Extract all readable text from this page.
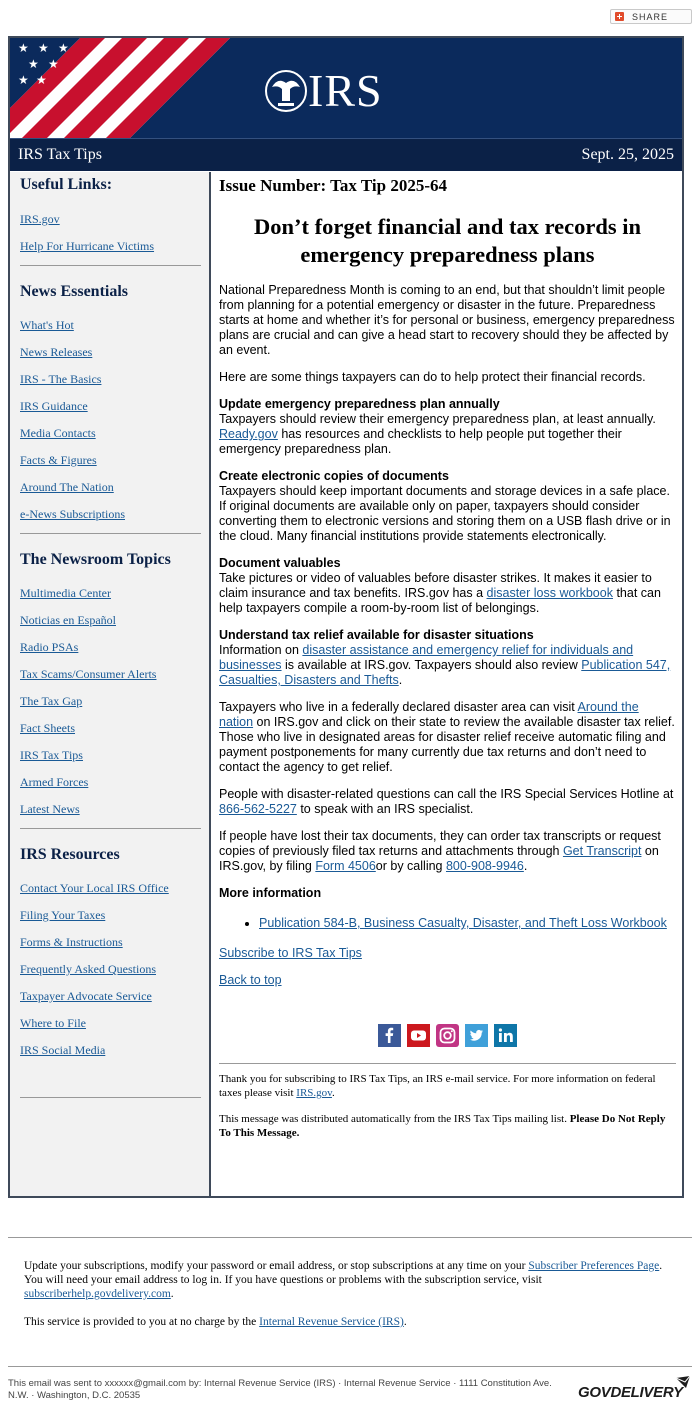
SHARE
★ ★ ★
★ ★
★ ★	IRS
IRS Tax Tips	Sept. 25, 2025
Useful Links:
IRS.gov
Help For Hurricane Victims
News Essentials
What's Hot
News Releases
IRS - The Basics
IRS Guidance
Media Contacts
Facts & Figures
Around The Nation
e-News Subscriptions
The Newsroom Topics
Multimedia Center
Noticias en Español
Radio PSAs
Tax Scams/Consumer Alerts
The Tax Gap
Fact Sheets
IRS Tax Tips
Armed Forces
Latest News
IRS Resources
Contact Your Local IRS Office
Filing Your Taxes
Forms & Instructions
Frequently Asked Questions
Taxpayer Advocate Service
Where to File
IRS Social Media

Issue Number: Tax Tip 2025-64

Don’t forget financial and tax records in emergency preparedness plans

National Preparedness Month is coming to an end, but that shouldn’t limit people from planning for a potential emergency or disaster in the future. Preparedness starts at home and whether it’s for personal or business, emergency preparedness plans are crucial and can give a head start to recovery should they be affected by an event.

Here are some things taxpayers can do to help protect their financial records.

Update emergency preparedness plan annually
Taxpayers should review their emergency preparedness plan, at least annually. Ready.gov has resources and checklists to help people put together their emergency preparedness plan.

Create electronic copies of documents
Taxpayers should keep important documents and storage devices in a safe place. If original documents are available only on paper, taxpayers should consider converting them to electronic versions and storing them on a USB flash drive or in the cloud. Many financial institutions provide statements electronically.

Document valuables
Take pictures or video of valuables before disaster strikes. It makes it easier to claim insurance and tax benefits. IRS.gov has a disaster loss workbook that can help taxpayers compile a room-by-room list of belongings.

Understand tax relief available for disaster situations
Information on disaster assistance and emergency relief for individuals and businesses is available at IRS.gov. Taxpayers should also review Publication 547, Casualties, Disasters and Thefts.

Taxpayers who live in a federally declared disaster area can visit Around the nation on IRS.gov and click on their state to review the available disaster tax relief. Those who live in designated areas for disaster relief receive automatic filing and payment postponements for many currently due tax returns and don’t need to contact the agency to get relief.

People with disaster-related questions can call the IRS Special Services Hotline at 866-562-5227 to speak with an IRS specialist.

If people have lost their tax documents, they can order tax transcripts or request copies of previously filed tax returns and attachments through Get Transcript on IRS.gov, by filing Form 4506or by calling 800-908-9946.

More information

• Publication 584-B, Business Casualty, Disaster, and Theft Loss Workbook

Subscribe to IRS Tax Tips

Back to top

Thank you for subscribing to IRS Tax Tips, an IRS e-mail service. For more information on federal taxes please visit IRS.gov.

This message was distributed automatically from the IRS Tax Tips mailing list. Please Do Not Reply To This Message.

Update your subscriptions, modify your password or email address, or stop subscriptions at any time on your Subscriber Preferences Page. You will need your email address to log in. If you have questions or problems with the subscription service, visit subscriberhelp.govdelivery.com.

This service is provided to you at no charge by the Internal Revenue Service (IRS).

This email was sent to xxxxxx@gmail.com by: Internal Revenue Service (IRS) · Internal Revenue Service · 1111 Constitution Ave. N.W. · Washington, D.C. 20535	GOVDELIVERY
